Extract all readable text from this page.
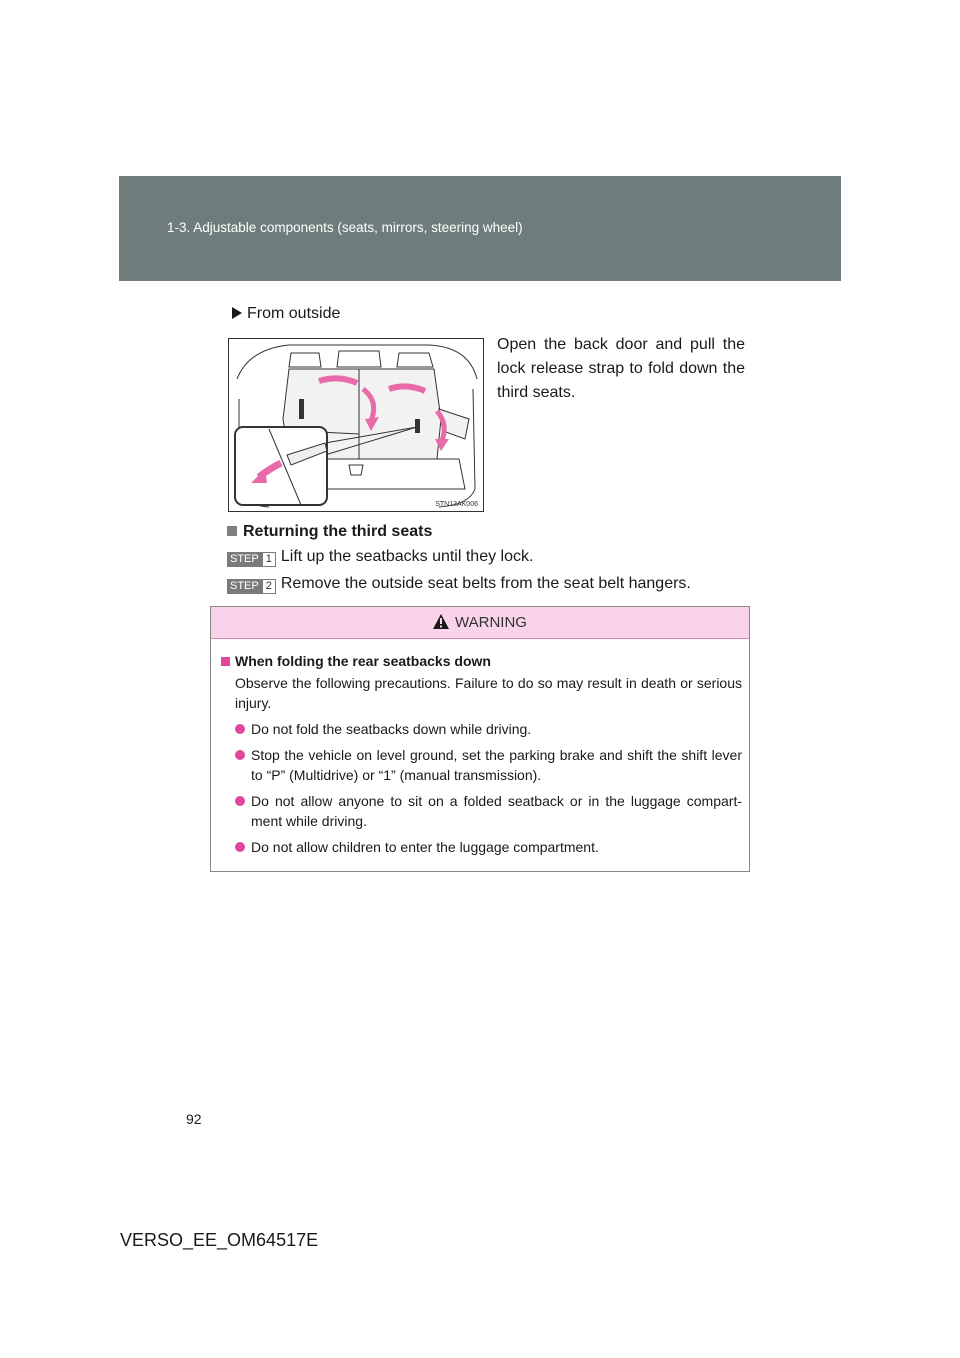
1-3. Adjustable components (seats, mirrors, steering wheel)
From outside
STN13AK006
Open the back door and pull the lock release strap to fold down the third seats.
Returning the third seats
STEP 1 Lift up the seatbacks until they lock.
STEP 2 Remove the outside seat belts from the seat belt hangers.
WARNING
When folding the rear seatbacks down
Observe the following precautions. Failure to do so may result in death or serious injury.
Do not fold the seatbacks down while driving.
Stop the vehicle on level ground, set the parking brake and shift the shift lever to “P” (Multidrive) or “1” (manual transmission).
Do not allow anyone to sit on a folded seatback or in the luggage compart-ment while driving.
Do not allow children to enter the luggage compartment.
92
VERSO_EE_OM64517E
